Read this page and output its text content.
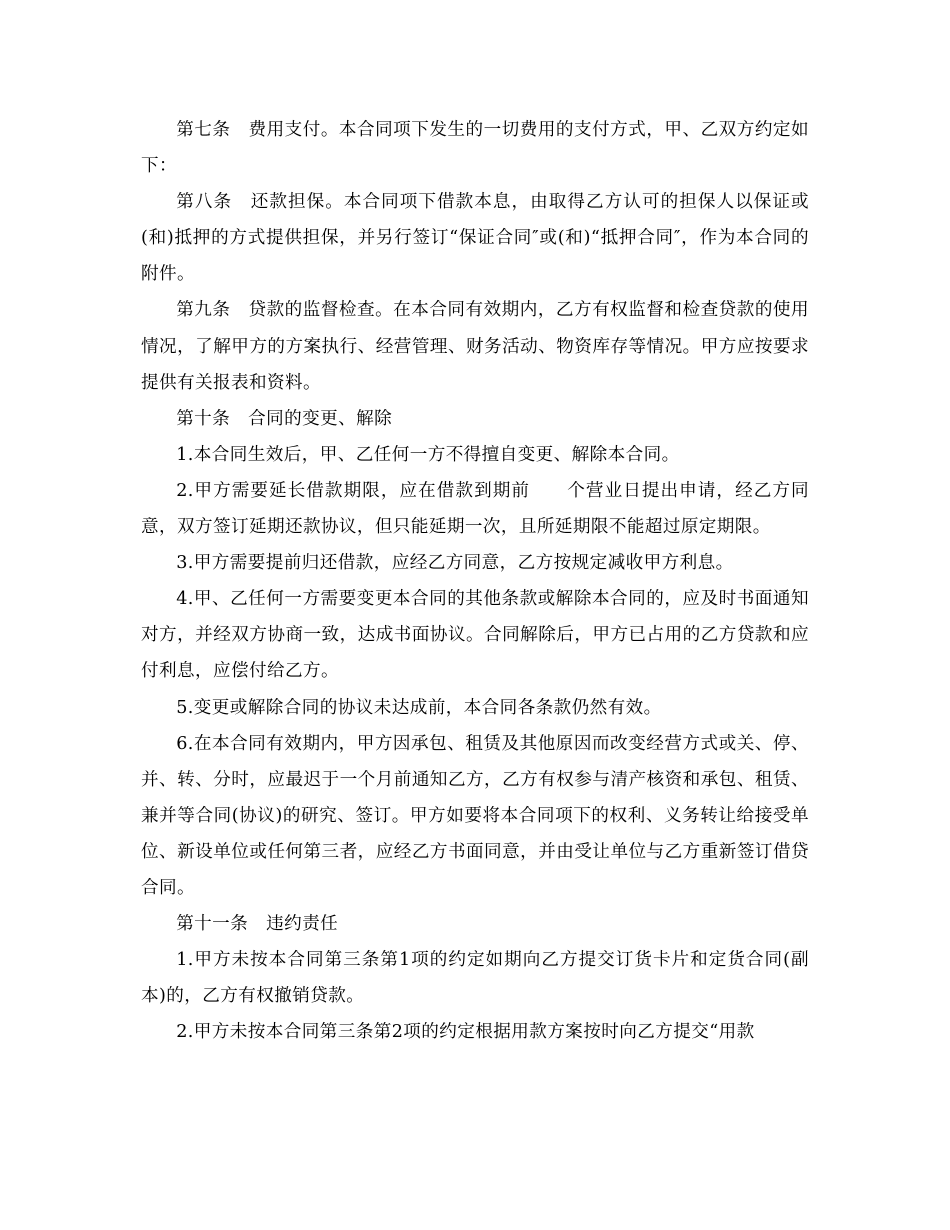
第七条　费用支付。本合同项下发生的一切费用的支付方式，甲、乙双方约定如下：

第八条　还款担保。本合同项下借款本息，由取得乙方认可的担保人以保证或(和)抵押的方式提供担保，并另行签订“保证合同″或(和)“抵押合同″，作为本合同的附件。

第九条　贷款的监督检查。在本合同有效期内，乙方有权监督和检查贷款的使用情况，了解甲方的方案执行、经营管理、财务活动、物资库存等情况。甲方应按要求提供有关报表和资料。

第十条　合同的变更、解除

1.本合同生效后，甲、乙任何一方不得擅自变更、解除本合同。

2.甲方需要延长借款期限，应在借款到期前　　个营业日提出申请，经乙方同意，双方签订延期还款协议，但只能延期一次，且所延期限不能超过原定期限。

3.甲方需要提前归还借款，应经乙方同意，乙方按规定减收甲方利息。

4.甲、乙任何一方需要变更本合同的其他条款或解除本合同的，应及时书面通知对方，并经双方协商一致，达成书面协议。合同解除后，甲方已占用的乙方贷款和应付利息，应偿付给乙方。

5.变更或解除合同的协议未达成前，本合同各条款仍然有效。

6.在本合同有效期内，甲方因承包、租赁及其他原因而改变经营方式或关、停、并、转、分时，应最迟于一个月前通知乙方，乙方有权参与清产核资和承包、租赁、兼并等合同(协议)的研究、签订。甲方如要将本合同项下的权利、义务转让给接受单位、新设单位或任何第三者，应经乙方书面同意，并由受让单位与乙方重新签订借贷合同。

第十一条　违约责任

1.甲方未按本合同第三条第1项的约定如期向乙方提交订货卡片和定货合同(副本)的，乙方有权撤销贷款。

2.甲方未按本合同第三条第2项的约定根据用款方案按时向乙方提交“用款
